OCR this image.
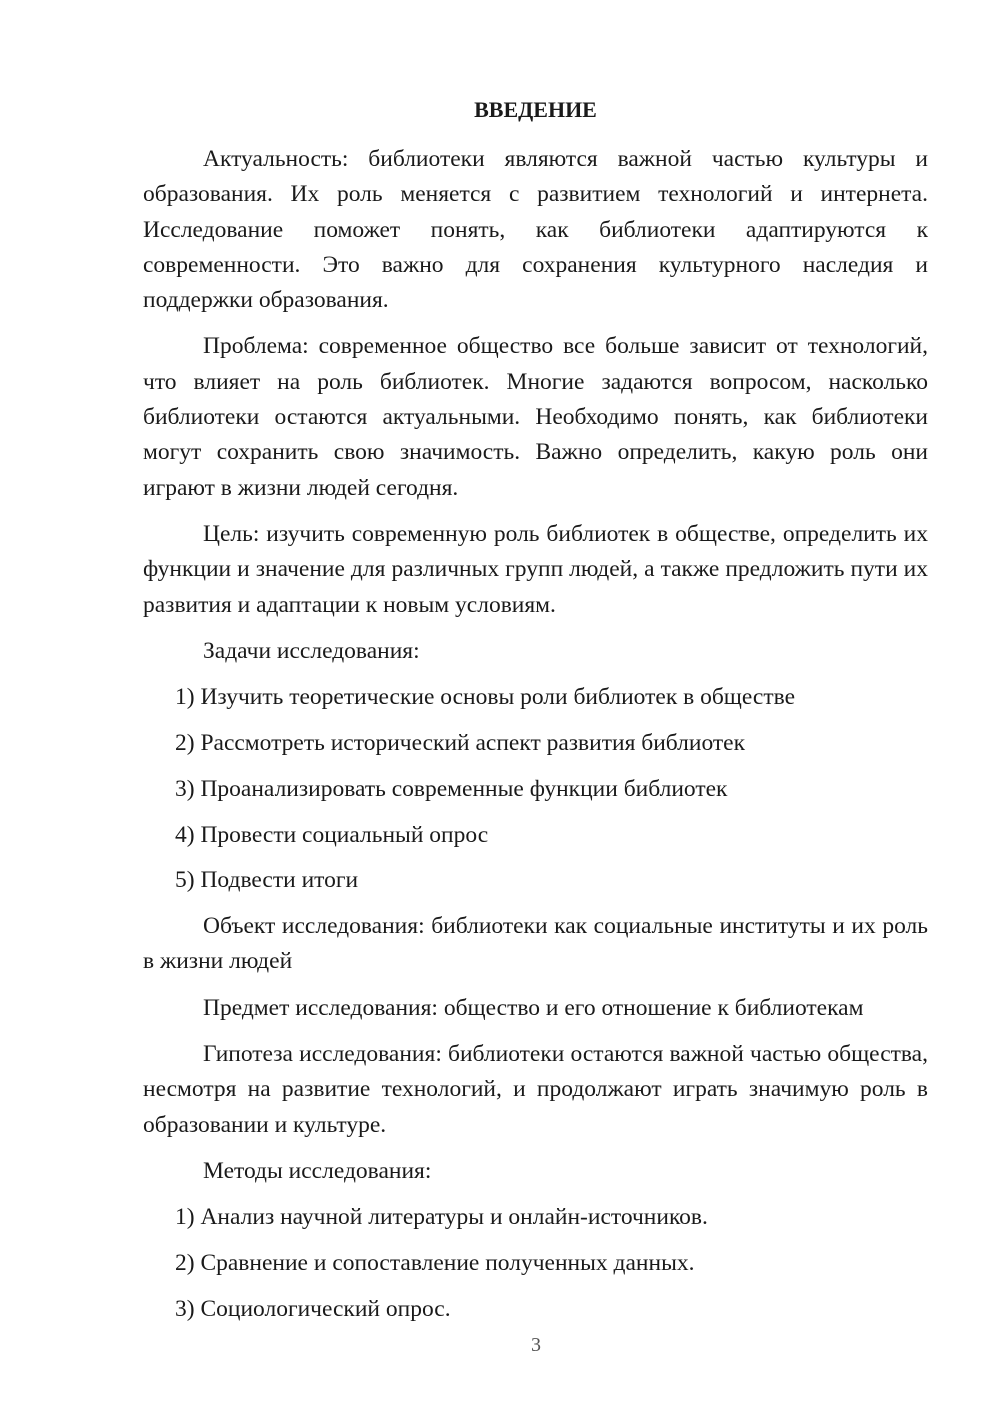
ВВЕДЕНИЕ

Актуальность: библиотеки являются важной частью культуры и образования. Их роль меняется с развитием технологий и интернета. Исследование поможет понять, как библиотеки адаптируются к современности. Это важно для сохранения культурного наследия и поддержки образования.

Проблема: современное общество все больше зависит от технологий, что влияет на роль библиотек. Многие задаются вопросом, насколько библиотеки остаются актуальными. Необходимо понять, как библиотеки могут сохранить свою значимость. Важно определить, какую роль они играют в жизни людей сегодня.

Цель: изучить современную роль библиотек в обществе, определить их функции и значение для различных групп людей, а также предложить пути их развития и адаптации к новым условиям.

Задачи исследования:

1) Изучить теоретические основы роли библиотек в обществе
2) Рассмотреть исторический аспект развития библиотек
3) Проанализировать современные функции библиотек
4) Провести социальный опрос
5) Подвести итоги

Объект исследования: библиотеки как социальные институты и их роль в жизни людей

Предмет исследования: общество и его отношение к библиотекам

Гипотеза исследования: библиотеки остаются важной частью общества, несмотря на развитие технологий, и продолжают играть значимую роль в образовании и культуре.

Методы исследования:

1) Анализ научной литературы и онлайн-источников.
2) Сравнение и сопоставление полученных данных.
3) Социологический опрос.
3
